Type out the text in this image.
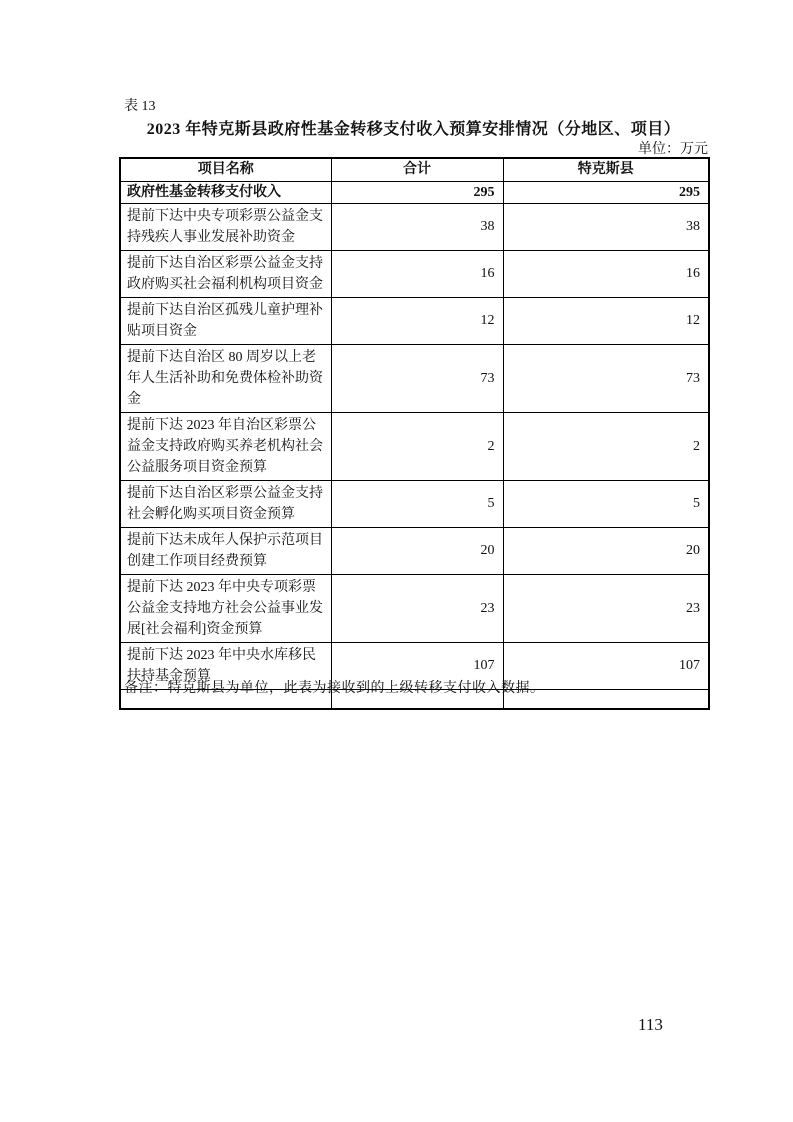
表 13
2023 年特克斯县政府性基金转移支付收入预算安排情况（分地区、项目）
单位：万元
项目名称	合计	特克斯县
政府性基金转移支付收入	295	295
提前下达中央专项彩票公益金支持残疾人事业发展补助资金	38	38
提前下达自治区彩票公益金支持政府购买社会福利机构项目资金	16	16
提前下达自治区孤残儿童护理补贴项目资金	12	12
提前下达自治区 80 周岁以上老年人生活补助和免费体检补助资金	73	73
提前下达 2023 年自治区彩票公益金支持政府购买养老机构社会公益服务项目资金预算	2	2
提前下达自治区彩票公益金支持社会孵化购买项目资金预算	5	5
提前下达未成年人保护示范项目创建工作项目经费预算	20	20
提前下达 2023 年中央专项彩票公益金支持地方社会公益事业发展[社会福利]资金预算	23	23
提前下达 2023 年中央水库移民扶持基金预算	107	107

备注：特克斯县为单位，此表为接收到的上级转移支付收入数据。
113
